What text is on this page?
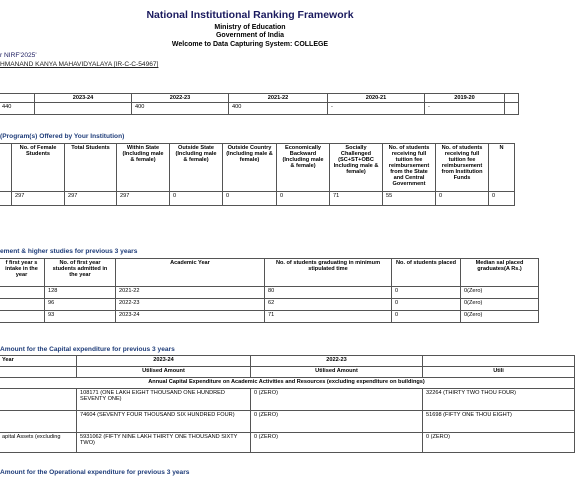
National Institutional Ranking Framework
Ministry of Education
Government of India
Welcome to Data Capturing System: COLLEGE
r NIRF'2025'
HMANAND KANYA MAHAVIDYALAYA [IR-C-C-54967]
	2023-24	2022-23	2021-22	2020-21	2019-20	
440		400	400	-	-	
(Program(s) Offered by Your Institution)
	No. of Female Students	Total Students	Within State (Including male & female)	Outside State (Including male & female)	Outside Country (Including male & female)	Economically Backward (Including male & female)	Socially Challenged (SC+ST+OBC Including male & female)	No. of students receiving full tuition fee reimbursement from the State and Central Government	No. of students receiving full tuition fee reimbursement from Institution Funds	N
	297	297	297	0	0	0	71	55	0	0
ement & higher studies for previous 3 years
f first year s intake in the year	No. of first year students admitted in the year	Academic Year	No. of students graduating in minimum stipulated time	No. of students placed	Median sal placed graduates(A Rs.)
	128	2021-22	80	0	0(Zero)
	96	2022-23	62	0	0(Zero)
	93	2023-24	71	0	0(Zero)
Amount for the Capital expenditure for previous 3 years
Year	2023-24	2022-23	
	Utilised Amount	Utilised Amount	Utili
Annual Capital Expenditure on Academic Activities and Resources (excluding expenditure on buildings)			
	108171 (ONE LAKH EIGHT THOUSAND ONE HUNDRED SEVENTY ONE)	0 (ZERO)	32264 (THIRTY TWO THOU FOUR)
	74604 (SEVENTY FOUR THOUSAND SIX HUNDRED FOUR)	0 (ZERO)	51698 (FIFTY ONE THOU EIGHT)
apital Assets (excluding	5931062 (FIFTY NINE LAKH THIRTY ONE THOUSAND SIXTY TWO)	0 (ZERO)	0 (ZERO)
Amount for the Operational expenditure for previous 3 years
